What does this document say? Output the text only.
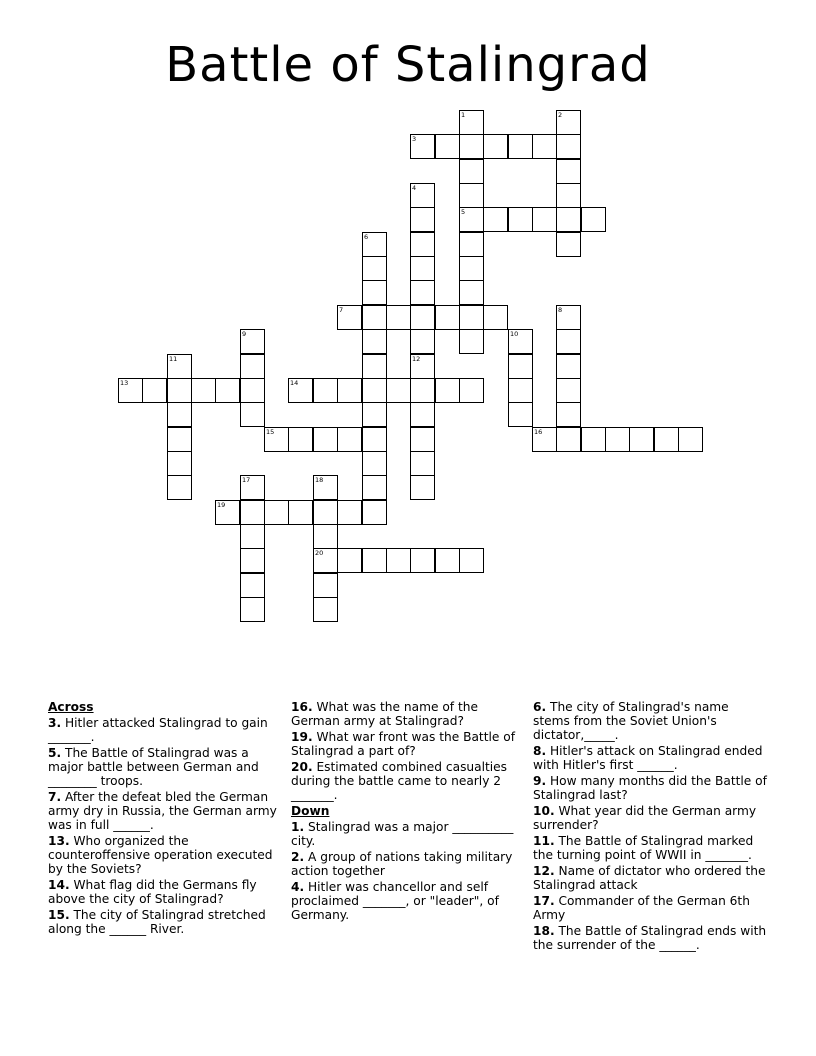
Battle of Stalingrad
1
5
2
3
4
6
7	8
9	10
11	12
13	14
15	16
17	18
20
19
Across
3. Hitler attacked Stalingrad to gain _______.
5. The Battle of Stalingrad was a major battle between German and ________ troops.
7. After the defeat bled the German army dry in Russia, the German army was in full ______.
13. Who organized the counteroffensive operation executed by the Soviets?
14. What flag did the Germans fly above the city of Stalingrad?
15. The city of Stalingrad stretched along the ______ River.
16. What was the name of the German army at Stalingrad?
19. What war front was the Battle of Stalingrad a part of?
20. Estimated combined casualties during the battle came to nearly 2 _______.
Down
1. Stalingrad was a major __________ city.
2. A group of nations taking military action together
4. Hitler was chancellor and self proclaimed _______, or "leader", of Germany.
6. The city of Stalingrad's name stems from the Soviet Union's dictator,_____.
8. Hitler's attack on Stalingrad ended with Hitler's first ______.
9. How many months did the Battle of Stalingrad last?
10. What year did the German army surrender?
11. The Battle of Stalingrad marked the turning point of WWII in _______.
12. Name of dictator who ordered the Stalingrad attack
17. Commander of the German 6th Army
18. The Battle of Stalingrad ends with the surrender of the ______.
